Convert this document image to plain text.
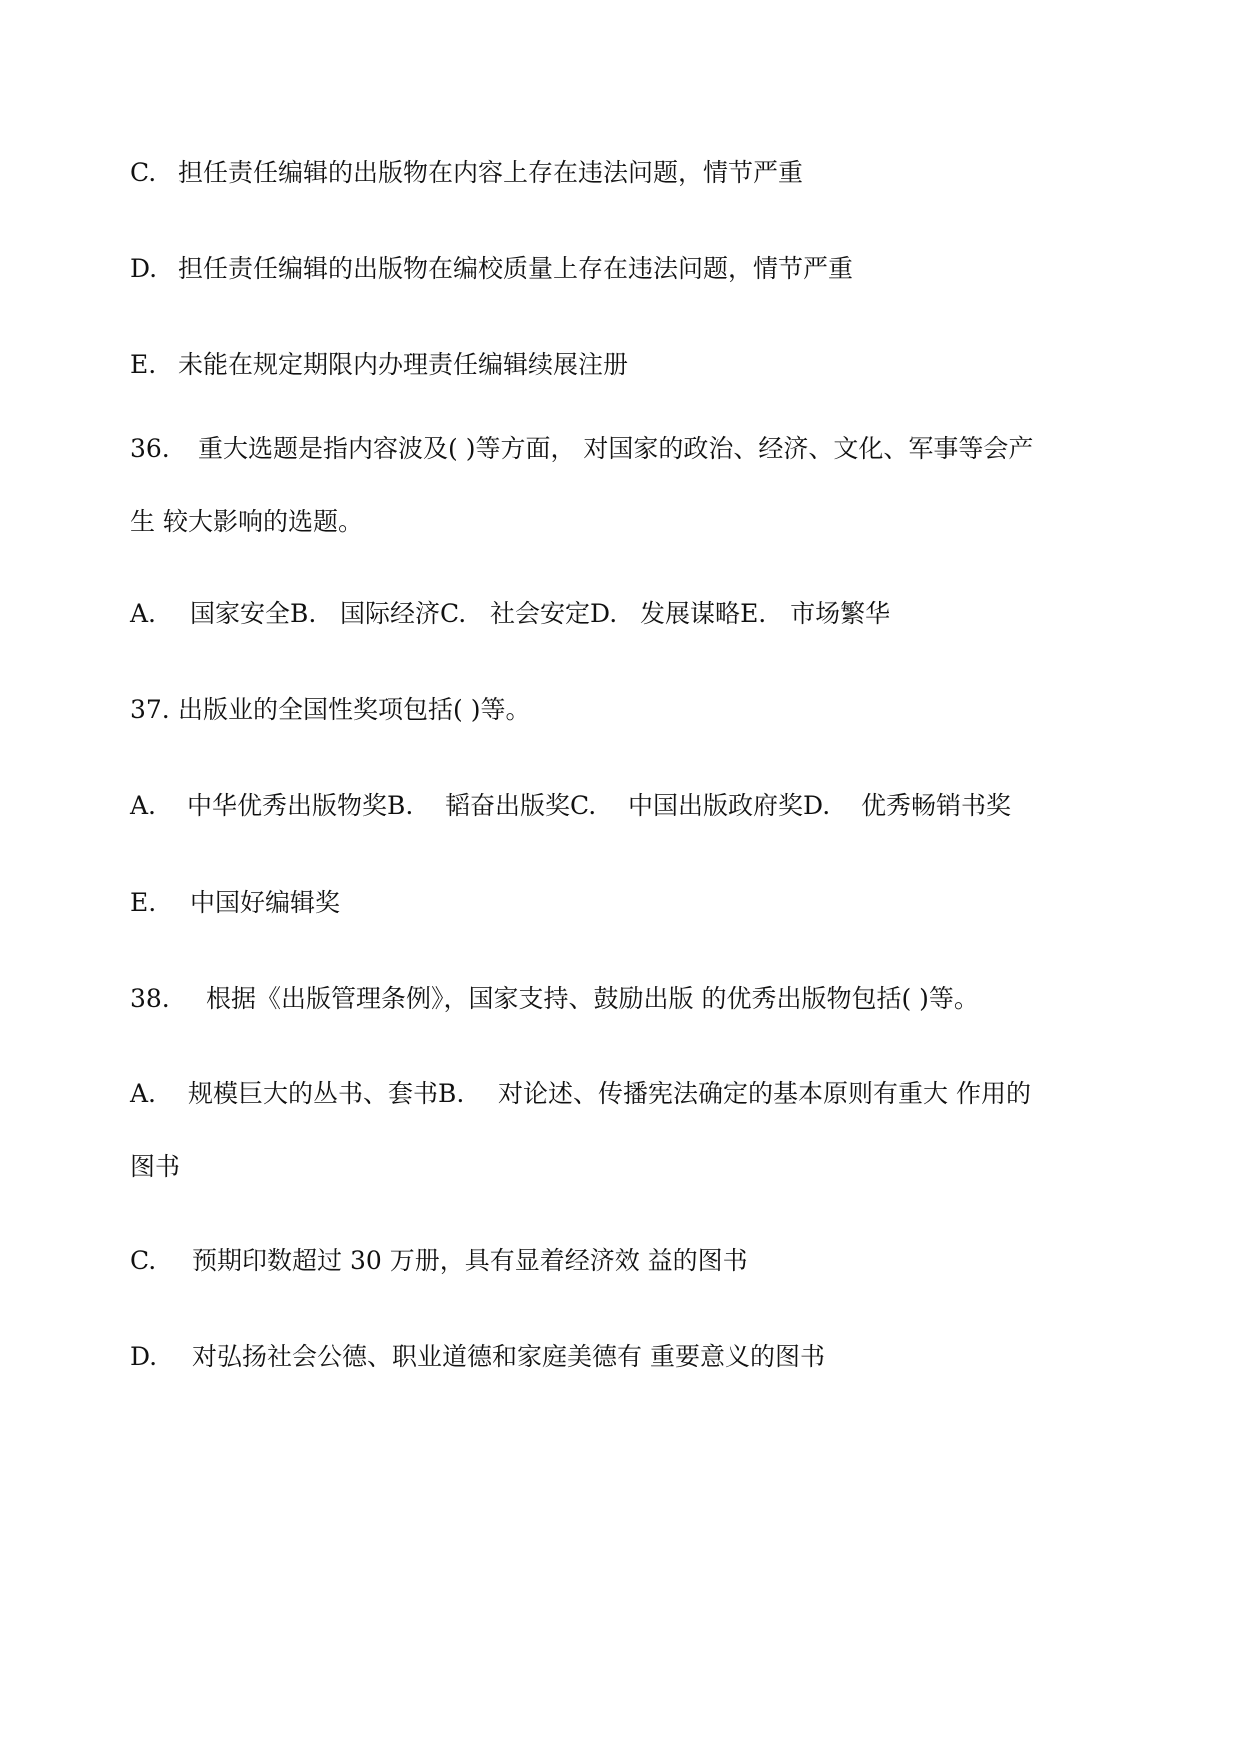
C. 担任责任编辑的出版物在内容上存在违法问题，情节严重
D. 担任责任编辑的出版物在编校质量上存在违法问题，情节严重
E. 未能在规定期限内办理责任编辑续展注册
36. 重大选题是指内容波及( )等方面， 对国家的政治、经济、文化、军事等会产
生 较大影响的选题。
A. 国家安全B. 国际经济C. 社会安定D. 发展谋略E. 市场繁华
37. 出版业的全国性奖项包括( )等。
A. 中华优秀出版物奖B. 韬奋出版奖C. 中国出版政府奖D. 优秀畅销书奖
E. 中国好编辑奖
38. 根据《出版管理条例》，国家支持、鼓励出版 的优秀出版物包括( )等。
A. 规模巨大的丛书、套书B. 对论述、传播宪法确定的基本原则有重大 作用的
图书
C. 预期印数超过 30 万册，具有显着经济效 益的图书
D. 对弘扬社会公德、职业道德和家庭美德有 重要意义的图书
